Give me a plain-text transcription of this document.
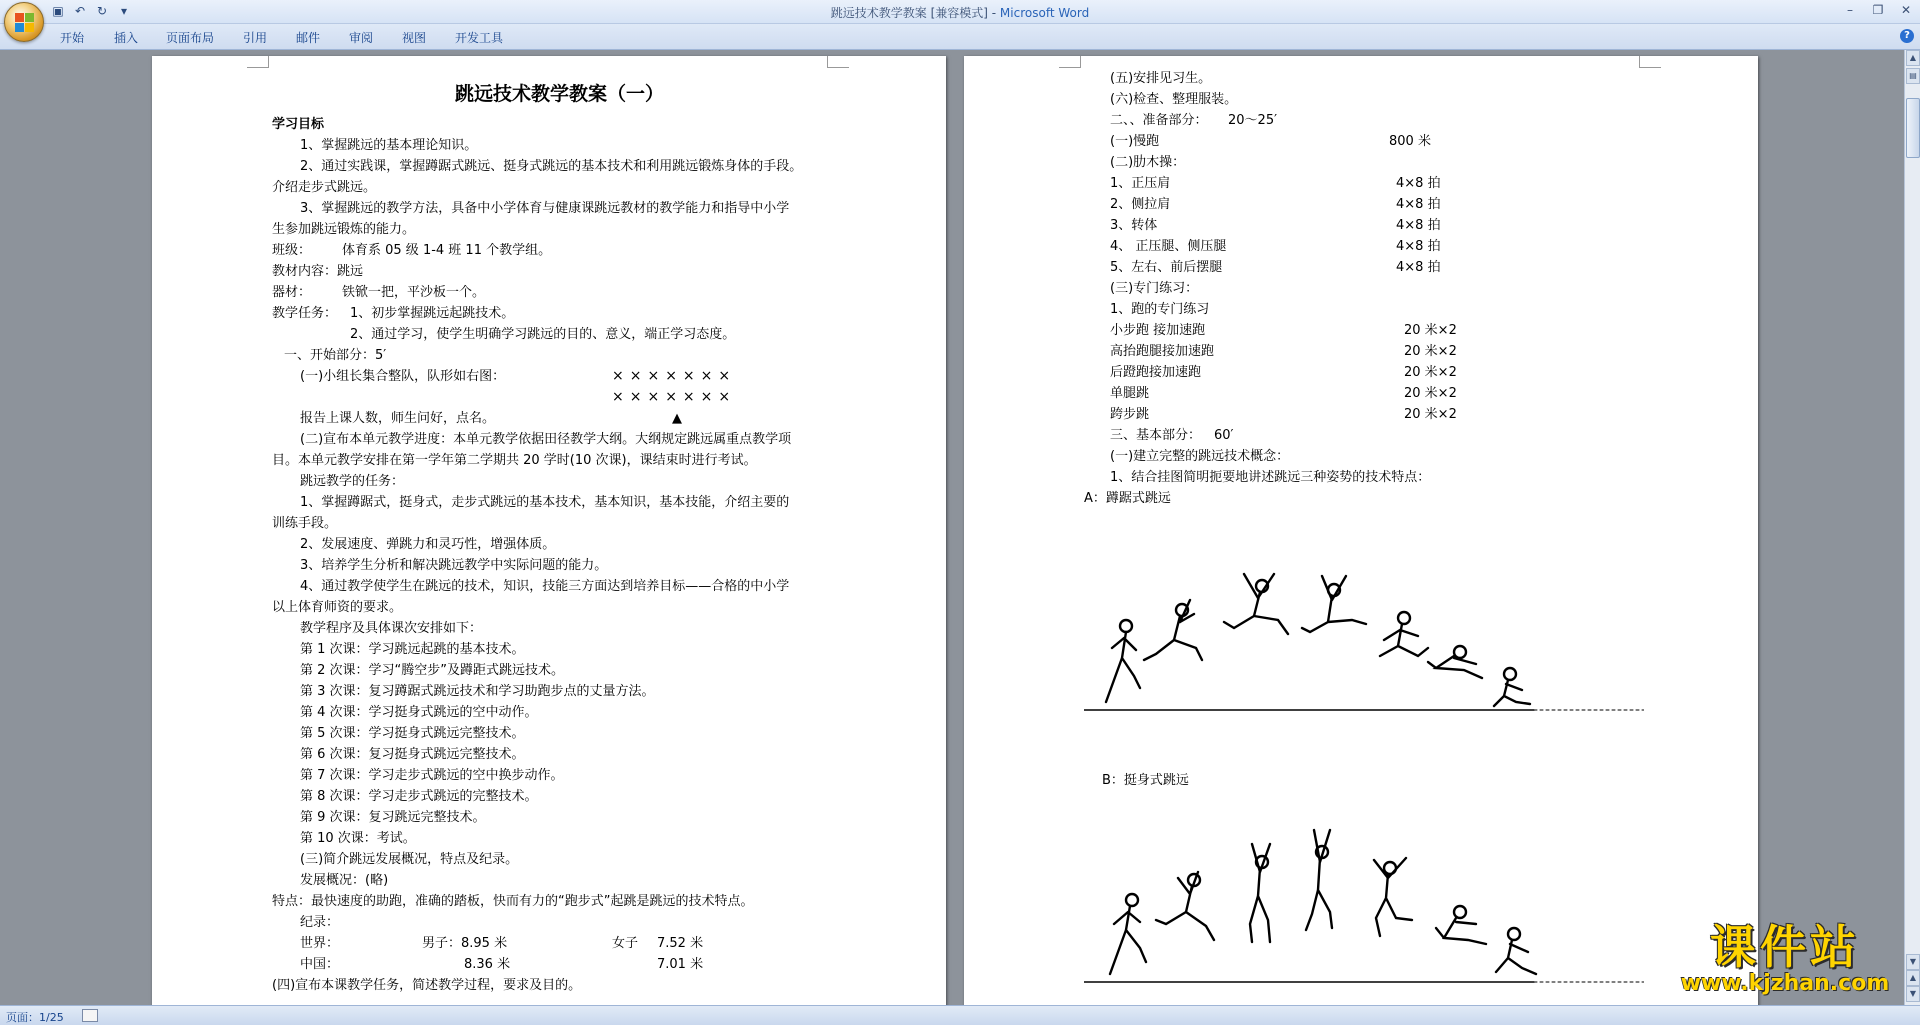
▣ ↶ ↻	▾	跳远技术教学教案 [兼容模式] - Microsoft Word	–	❐	✕
开始 插入 页面布局 引用 邮件 审阅 视图 开发工具	?
跳远技术教学教案（一）
学习目标
1、掌握跳远的基本理论知识。
2、通过实践课，掌握蹲踞式跳远、挺身式跳远的基本技术和利用跳远锻炼身体的手段。
介绍走步式跳远。
3、掌握跳远的教学方法，具备中小学体育与健康课跳远教材的教学能力和指导中小学
生参加跳远锻炼的能力。
班级： 体育系 05 级 1-4 班 11 个教学组。
教材内容：跳远
器材： 铁锨一把，平沙板一个。
教学任务： 1、初步掌握跳远起跳技术。
2、通过学习，使学生明确学习跳远的目的、意义，端正学习态度。
一、开始部分：5′
(一)小组长集合整队，队形如右图：	×××××××
×××××××
报告上课人数，师生问好，点名。	▲
(二)宣布本单元教学进度：本单元教学依据田径教学大纲。大纲规定跳远属重点教学项
目。本单元教学安排在第一学年第二学期共 20 学时(10 次课)，课结束时进行考试。
跳远教学的任务：
1、掌握蹲踞式，挺身式，走步式跳远的基本技术，基本知识，基本技能，介绍主要的
训练手段。
2、发展速度、弹跳力和灵巧性，增强体质。
3、培养学生分析和解决跳远教学中实际问题的能力。
4、通过教学使学生在跳远的技术，知识，技能三方面达到培养目标——合格的中小学
以上体育师资的要求。
教学程序及具体课次安排如下：
第 1 次课：学习跳远起跳的基本技术。
第 2 次课：学习“腾空步”及蹲距式跳远技术。
第 3 次课：复习蹲踞式跳远技术和学习助跑步点的丈量方法。
第 4 次课：学习挺身式跳远的空中动作。
第 5 次课：学习挺身式跳远完整技术。
第 6 次课：复习挺身式跳远完整技术。
第 7 次课：学习走步式跳远的空中换步动作。
第 8 次课：学习走步式跳远的完整技术。
第 9 次课：复习跳远完整技术。
第 10 次课：考试。
(三)简介跳远发展概况，特点及纪录。
发展概况：(略)
特点：最快速度的助跑，准确的踏板，快而有力的“跑步式”起跳是跳远的技术特点。
纪录：
世界：	男子：8.95 米	女子 7.52 米
中国：	8.36 米	7.01 米
(四)宣布本课教学任务，简述教学过程，要求及目的。
(五)安排见习生。
(六)检查、整理服装。
二、、准备部分： 20～25′
(一)慢跑	800 米
(二)肋木操：
1、正压肩	4×8 拍
2、侧拉肩	4×8 拍
3、转体	4×8 拍
4、 正压腿、侧压腿	4×8 拍
5、左右、前后摆腿	4×8 拍
(三)专门练习：
1、跑的专门练习
小步跑 接加速跑	20 米×2
高抬跑腿接加速跑	20 米×2
后蹬跑接加速跑	20 米×2
单腿跳	20 米×2
跨步跳	20 米×2
三、基本部分： 60′
(一)建立完整的跳远技术概念：
1、结合挂图简明扼要地讲述跳远三种姿势的技术特点：
A：蹲踞式跳远
B：挺身式跳远
▲
▤
▼
▲
▼
页面：1/25
课件站
www.kjzhan.com
